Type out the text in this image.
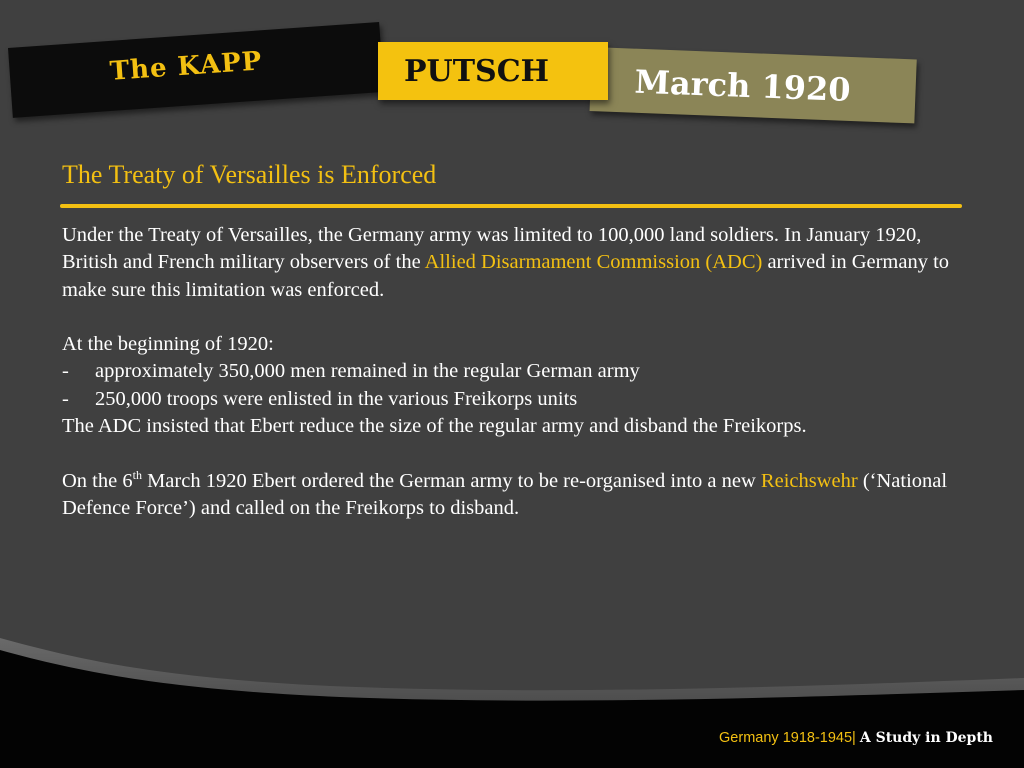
The KAPP	March 1920
PUTSCH
The Treaty of Versailles is Enforced

Under the Treaty of Versailles, the Germany army was limited to 100,000 land soldiers. In January 1920, British and French military observers of the Allied Disarmament Commission (ADC) arrived in Germany to make sure this limitation was enforced.

At the beginning of 1920:

- approximately 350,000 men remained in the regular German army

- 250,000 troops were enlisted in the various Freikorps units

The ADC insisted that Ebert reduce the size of the regular army and disband the Freikorps.

On the 6th March 1920 Ebert ordered the German army to be re-organised into a new Reichswehr (‘National Defence Force’) and called on the Freikorps to disband.

Germany 1918-1945| A Study in Depth
